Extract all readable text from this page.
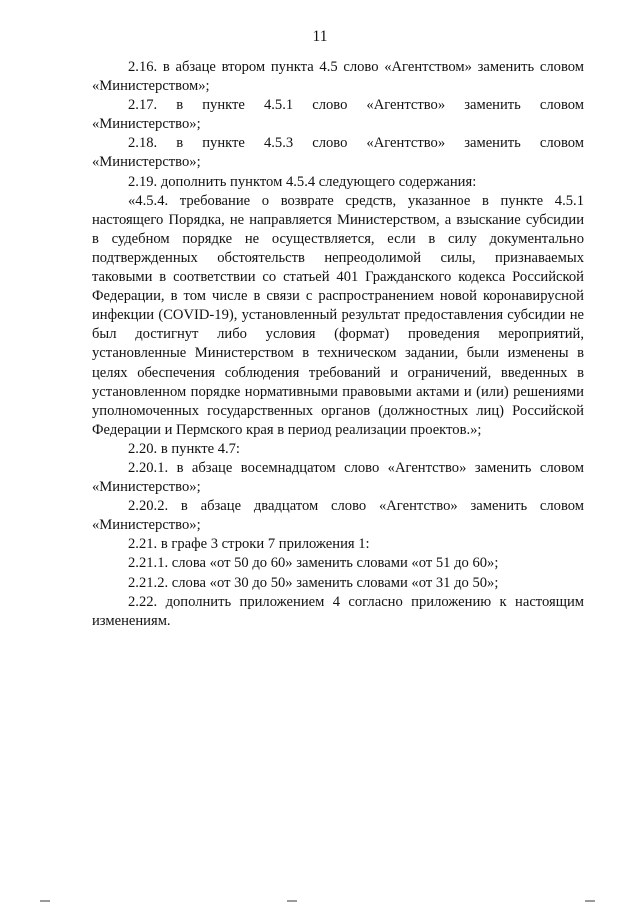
11

2.16. в абзаце втором пункта 4.5 слово «Агентством» заменить словом «Министерством»;

2.17. в пункте 4.5.1 слово «Агентство» заменить словом «Министерство»;

2.18. в пункте 4.5.3 слово «Агентство» заменить словом «Министерство»;

2.19. дополнить пунктом 4.5.4 следующего содержания:

«4.5.4. требование о возврате средств, указанное в пункте 4.5.1 настоящего Порядка, не направляется Министерством, а взыскание субсидии в судебном порядке не осуществляется, если в силу документально подтвержденных обстоятельств непреодолимой силы, признаваемых таковыми в соответствии со статьей 401 Гражданского кодекса Российской Федерации, в том числе в связи с распространением новой коронавирусной инфекции (COVID-19), установленный результат предоставления субсидии не был достигнут либо условия (формат) проведения мероприятий, установленные Министерством в техническом задании, были изменены в целях обеспечения соблюдения требований и ограничений, введенных в установленном порядке нормативными правовыми актами и (или) решениями уполномоченных государственных органов (должностных лиц) Российской Федерации и Пермского края в период реализации проектов.»;

2.20. в пункте 4.7:

2.20.1. в абзаце восемнадцатом слово «Агентство» заменить словом «Министерство»;

2.20.2. в абзаце двадцатом слово «Агентство» заменить словом «Министерство»;

2.21. в графе 3 строки 7 приложения 1:

2.21.1. слова «от 50 до 60» заменить словами «от 51 до 60»;

2.21.2. слова «от 30 до 50» заменить словами «от 31 до 50»;

2.22. дополнить приложением 4 согласно приложению к настоящим изменениям.
